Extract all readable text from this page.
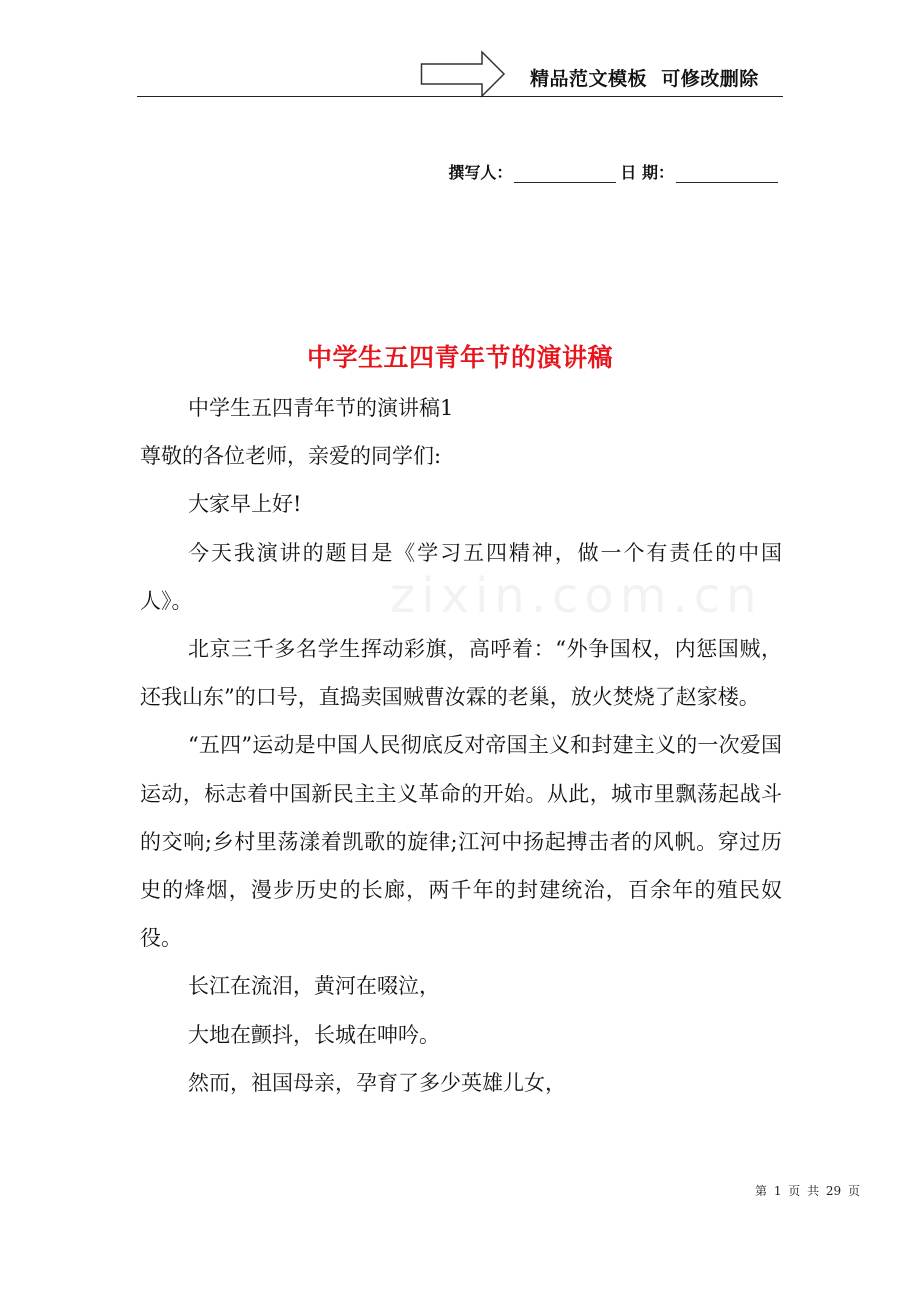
精品范文模板  可修改删除
撰写人：	日 期：
zixin.com.cn
中学生五四青年节的演讲稿

中学生五四青年节的演讲稿1

尊敬的各位老师，亲爱的同学们:

大家早上好!

今天我演讲的题目是《学习五四精神，做一个有责任的中国人》。

北京三千多名学生挥动彩旗，高呼着：“外争国权，内惩国贼，还我山东”的口号，直捣卖国贼曹汝霖的老巢，放火焚烧了赵家楼。

“五四”运动是中国人民彻底反对帝国主义和封建主义的一次爱国运动，标志着中国新民主主义革命的开始。从此，城市里飘荡起战斗的交响;乡村里荡漾着凯歌的旋律;江河中扬起搏击者的风帆。穿过历史的烽烟，漫步历史的长廊，两千年的封建统治，百余年的殖民奴役。

长江在流泪，黄河在啜泣，

大地在颤抖，长城在呻吟。

然而，祖国母亲，孕育了多少英雄儿女，

第 1 页 共 29 页
